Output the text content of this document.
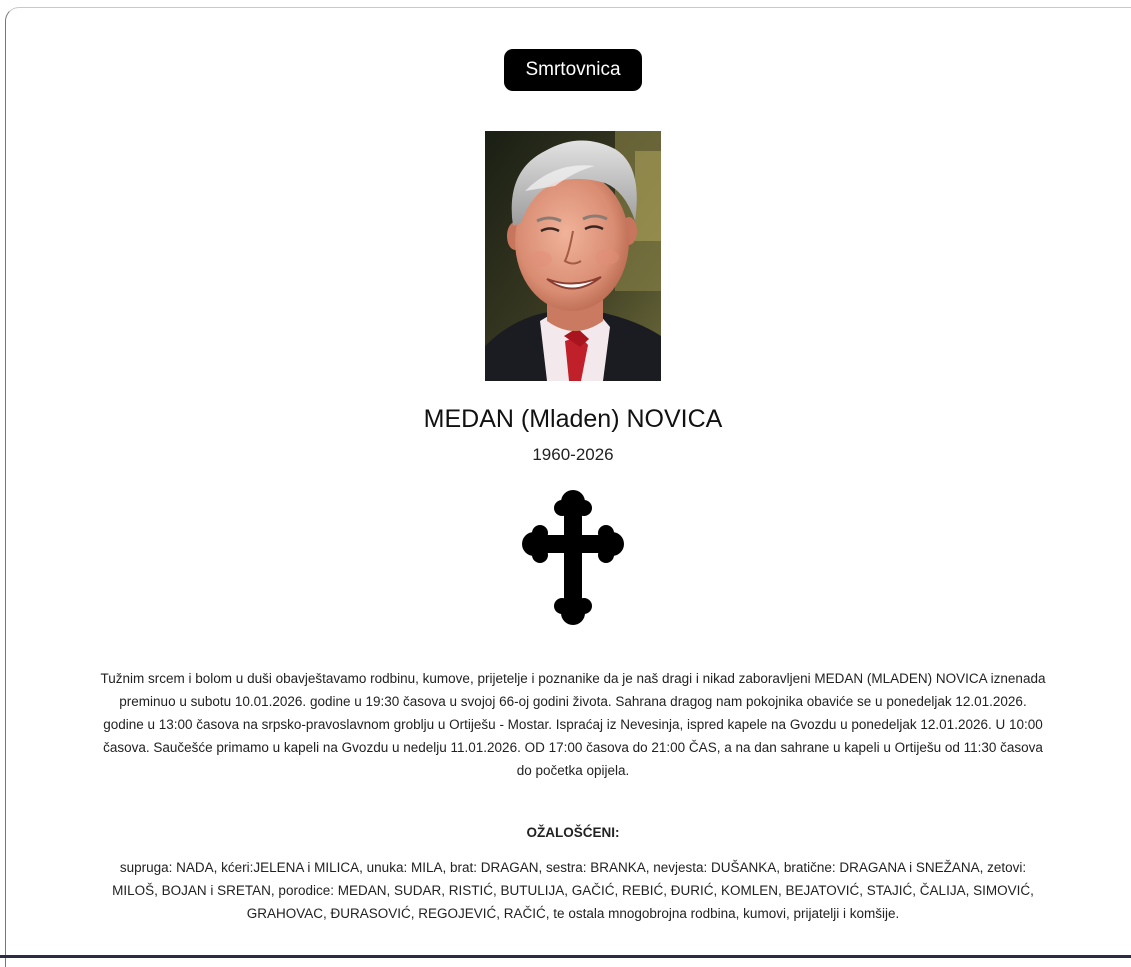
Smrtovnica
MEDAN (Mladen) NOVICA
1960-2026
Tužnim srcem i bolom u duši obavještavamo rodbinu, kumove, prijetelje i poznanike da je naš dragi i nikad zaboravljeni MEDAN (MLADEN) NOVICA iznenada preminuo u subotu 10.01.2026. godine u 19:30 časova u svojoj 66-oj godini života. Sahrana dragog nam pokojnika obaviće se u ponedeljak 12.01.2026. godine u 13:00 časova na srpsko-pravoslavnom groblju u Ortiješu - Mostar. Ispraćaj iz Nevesinja, ispred kapele na Gvozdu u ponedeljak 12.01.2026. U 10:00 časova. Saučešće primamo u kapeli na Gvozdu u nedelju 11.01.2026. OD 17:00 časova do 21:00 ČAS, a na dan sahrane u kapeli u Ortiješu od 11:30 časova do početka opijela.
OŽALOŠĆENI:
supruga: NADA, kćeri:JELENA i MILICA, unuka: MILA, brat: DRAGAN, sestra: BRANKA, nevjesta: DUŠANKA, bratične: DRAGANA i SNEŽANA, zetovi: MILOŠ, BOJAN i SRETAN, porodice: MEDAN, SUDAR, RISTIĆ, BUTULIJA, GAČIĆ, REBIĆ, ĐURIĆ, KOMLEN, BEJATOVIĆ, STAJIĆ, ČALIJA, SIMOVIĆ, GRAHOVAC, ĐURASOVIĆ, REGOJEVIĆ, RAČIĆ, te ostala mnogobrojna rodbina, kumovi, prijatelji i komšije.
